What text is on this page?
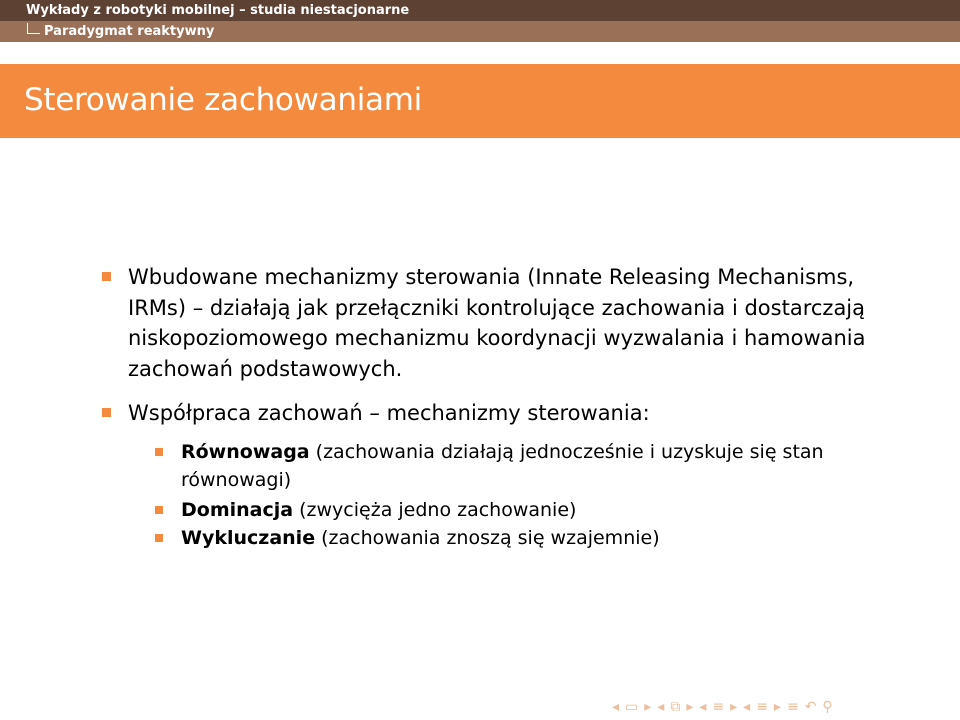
Wykłady z robotyki mobilnej – studia niestacjonarne
Paradygmat reaktywny
Sterowanie zachowaniami
Wbudowane mechanizmy sterowania (Innate Releasing Mechanisms, IRMs) – działają jak przełączniki kontrolujące zachowania i dostarczają niskopoziomowego mechanizmu koordynacji wyzwalania i hamowania zachowań podstawowych.
Współpraca zachowań – mechanizmy sterowania:
Równowaga (zachowania działają jednocześnie i uzyskuje się stan równowagi)
Dominacja (zwycięża jedno zachowanie)
Wykluczanie (zachowania znoszą się wzajemnie)
◂ ▭ ▸ ◂ ⧉ ▸ ◂ ≡ ▸ ◂ ≡ ▸ ≡ ↶ ⚲
